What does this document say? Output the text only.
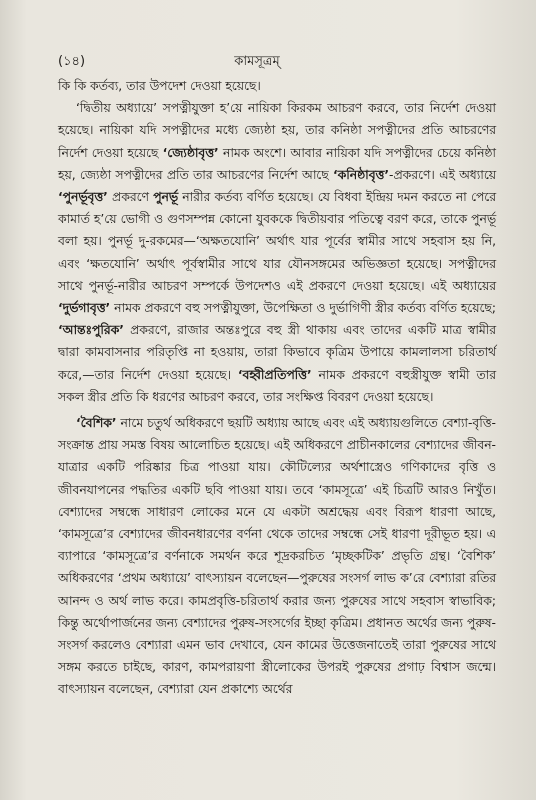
(১৪)	কামসূত্রম্

কি কি কর্তব্য, তার উপদেশ দেওয়া হয়েছে।

‘দ্বিতীয় অধ্যায়ে’ সপত্নীযুক্তা হ’য়ে নায়িকা কিরকম আচরণ করবে, তার নির্দেশ দেওয়া হয়েছে। নায়িকা যদি সপত্নীদের মধ্যে জ্যেষ্ঠা হয়, তার কনিষ্ঠা সপত্নীদের প্রতি আচরণের নির্দেশ দেওয়া হয়েছে ‘জ্যেষ্ঠাবৃত্ত’ নামক অংশে। আবার নায়িকা যদি সপত্নীদের চেয়ে কনিষ্ঠা হয়, জ্যেষ্ঠা সপত্নীদের প্রতি তার আচরণের নির্দেশ আছে ‘কনিষ্ঠাবৃত্ত’-প্রকরণে। এই অধ্যায়ে ‘পুনর্ভূবৃত্ত’ প্রকরণে পুনর্ভূ নারীর কর্তব্য বর্ণিত হয়েছে। যে বিধবা ইন্দ্রিয় দমন করতে না পেরে কামার্ত হ’য়ে ভোগী ও গুণসম্পন্ন কোনো যুবককে দ্বিতীয়বার পতিত্বে বরণ করে, তাকে পুনর্ভূ বলা হয়। পুনর্ভূ দু-রকমের—‘অক্ষতযোনি’ অর্থাৎ যার পূর্বের স্বামীর সাথে সহবাস হয় নি, এবং ‘ক্ষতযোনি’ অর্থাৎ পূর্বস্বামীর সাথে যার যৌনসঙ্গমের অভিজ্ঞতা হয়েছে। সপত্নীদের সাথে পুনর্ভূ-নারীর আচরণ সম্পর্কে উপদেশও এই প্রকরণে দেওয়া হয়েছে। এই অধ্যায়ের ‘দুর্ভগাবৃত্ত’ নামক প্রকরণে বহু সপত্নীযুক্তা, উপেক্ষিতা ও দুর্ভাগিণী স্ত্রীর কর্তব্য বর্ণিত হয়েছে; ‘আন্তঃপুরিক’ প্রকরণে, রাজার অন্তঃপুরে বহু স্ত্রী থাকায় এবং তাদের একটি মাত্র স্বামীর দ্বারা কামবাসনার পরিতৃপ্তি না হওয়ায়, তারা কিভাবে কৃত্রিম উপায়ে কামলালসা চরিতার্থ করে,—তার নির্দেশ দেওয়া হয়েছে। ‘বহ্বীপ্রতিপত্তি’ নামক প্রকরণে বহুস্ত্রীযুক্ত স্বামী তার সকল স্ত্রীর প্রতি কি ধরণের আচরণ করবে, তার সংক্ষিপ্ত বিবরণ দেওয়া হয়েছে।

‘বৈশিক’ নামে চতুর্থ অধিকরণে ছয়টি অধ্যায় আছে এবং এই অধ্যায়গুলিতে বেশ্যা-বৃত্তি-সংক্রান্ত প্রায় সমস্ত বিষয় আলোচিত হয়েছে। এই অধিকরণে প্রাচীনকালের বেশ্যাদের জীবন-যাত্রার একটি পরিষ্কার চিত্র পাওয়া যায়। কৌটিল্যের অর্থশাস্ত্রেও গণিকাদের বৃত্তি ও জীবনযাপনের পদ্ধতির একটি ছবি পাওয়া যায়। তবে ‘কামসূত্রে’ এই চিত্রটি আরও নিখুঁত। বেশ্যাদের সম্বন্ধে সাধারণ লোকের মনে যে একটা অশ্রদ্ধেয় এবং বিরূপ ধারণা আছে, ‘কামসূত্রে’র বেশ্যাদের জীবনধারণের বর্ণনা থেকে তাদের সম্বন্ধে সেই ধারণা দূরীভূত হয়। এ ব্যাপারে ‘কামসূত্রে’র বর্ণনাকে সমর্থন করে শূদ্রকরচিত ‘মৃচ্ছকটিক’ প্রভৃতি গ্রন্থ। ‘বৈশিক’ অধিকরণের ‘প্রথম অধ্যায়ে’ বাৎস্যায়ন বলেছেন—পুরুষের সংসর্গ লাভ ক’রে বেশ্যারা রতির আনন্দ ও অর্থ লাভ করে। কামপ্রবৃত্তি-চরিতার্থ করার জন্য পুরুষের সাথে সহবাস স্বাভাবিক; কিন্তু অর্থোপার্জনের জন্য বেশ্যাদের পুরুষ-সংসর্গের ইচ্ছা কৃত্রিম। প্রধানত অর্থের জন্য পুরুষ-সংসর্গ করলেও বেশ্যারা এমন ভাব দেখাবে, যেন কামের উত্তেজনাতেই তারা পুরুষের সাথে সঙ্গম করতে চাইছে, কারণ, কামপরায়ণা স্ত্রীলোকের উপরই পুরুষের প্রগাঢ় বিশ্বাস জন্মে। বাৎস্যায়ন বলেছেন, বেশ্যারা যেন প্রকাশ্যে অর্থের
